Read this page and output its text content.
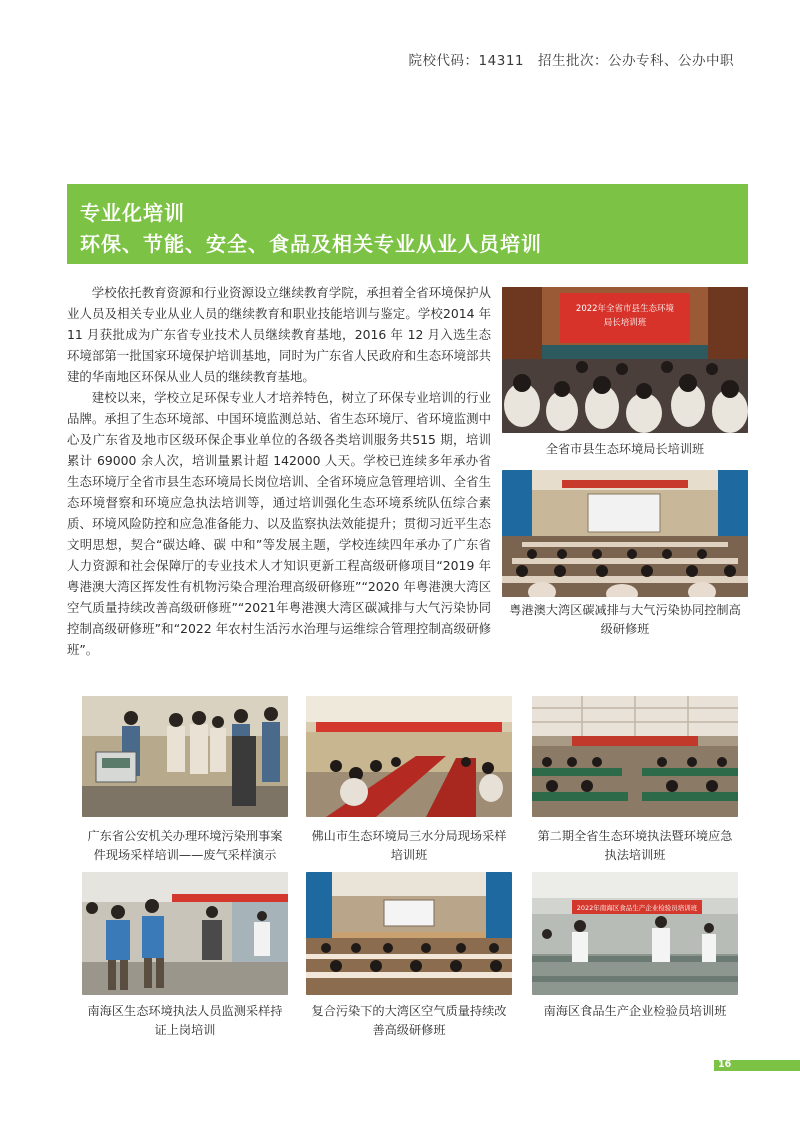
院校代码：14311 招生批次：公办专科、公办中职
专业化培训
环保、节能、安全、食品及相关专业从业人员培训

学校依托教育资源和行业资源设立继续教育学院，承担着全省环境保护从业人员及相关专业从业人员的继续教育和职业技能培训与鉴定。学校2014 年 11 月获批成为广东省专业技术人员继续教育基地，2016 年 12 月入选生态环境部第一批国家环境保护培训基地，同时为广东省人民政府和生态环境部共建的华南地区环保从业人员的继续教育基地。

建校以来，学校立足环保专业人才培养特色，树立了环保专业培训的行业品牌。承担了生态环境部、中国环境监测总站、省生态环境厅、省环境监测中心及广东省及地市区级环保企事业单位的各级各类培训服务共515 期，培训累计 69000 余人次，培训量累计超 142000 人天。学校已连续多年承办省生态环境厅全省市县生态环境局长岗位培训、全省环境应急管理培训、全省生态环境督察和环境应急执法培训等，通过培训强化生态环境系统队伍综合素质、环境风险防控和应急准备能力、以及监察执法效能提升；贯彻习近平生态文明思想，契合“碳达峰、碳 中和”等发展主题，学校连续四年承办了广东省人力资源和社会保障厅的专业技术人才知识更新工程高级研修项目“2019 年粤港澳大湾区挥发性有机物污染合理治理高级研修班”“2020 年粤港澳大湾区空气质量持续改善高级研修班”“2021年粤港澳大湾区碳减排与大气污染协同控制高级研修班”和“2022 年农村生活污水治理与运维综合管理控制高级研修班”。

2022年全省市县生态环境
局长培训班
全省市县生态环境局长培训班
粤港澳大湾区碳减排与大气污染协同控制高级研修班
广东省公安机关办理环境污染刑事案件现场采样培训——废气采样演示
佛山市生态环境局三水分局现场采样培训班
第二期全省生态环境执法暨环境应急执法培训班
南海区生态环境执法人员监测采样持证上岗培训
复合污染下的大湾区空气质量持续改善高级研修班
2022年南海区食品生产企业检验员培训班
南海区食品生产企业检验员培训班
16
